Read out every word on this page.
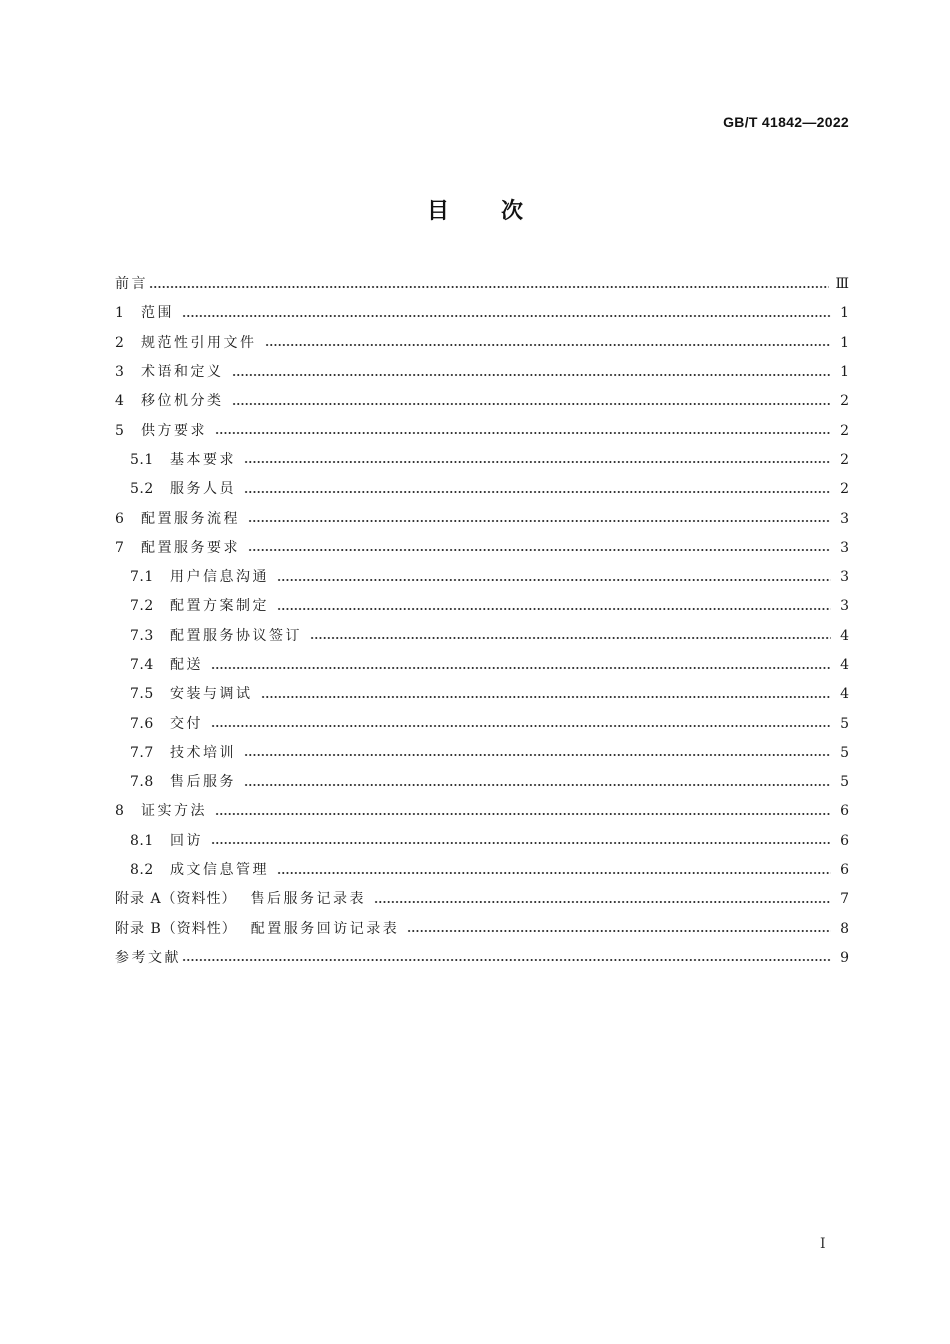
GB/T 41842—2022
目次
前言	Ⅲ
1 范围	1
2 规范性引用文件	1
3 术语和定义	1
4 移位机分类	2
5 供方要求	2
5.1 基本要求	2
5.2 服务人员	2
6 配置服务流程	3
7 配置服务要求	3
7.1 用户信息沟通	3
7.2 配置方案制定	3
7.3 配置服务协议签订	4
7.4 配送	4
7.5 安装与调试	4
7.6 交付	5
7.7 技术培训	5
7.8 售后服务	5
8 证实方法	6
8.1 回访	6
8.2 成文信息管理	6
附录 A（资料性） 售后服务记录表	7
附录 B（资料性） 配置服务回访记录表	8
参考文献	9
Ⅰ
